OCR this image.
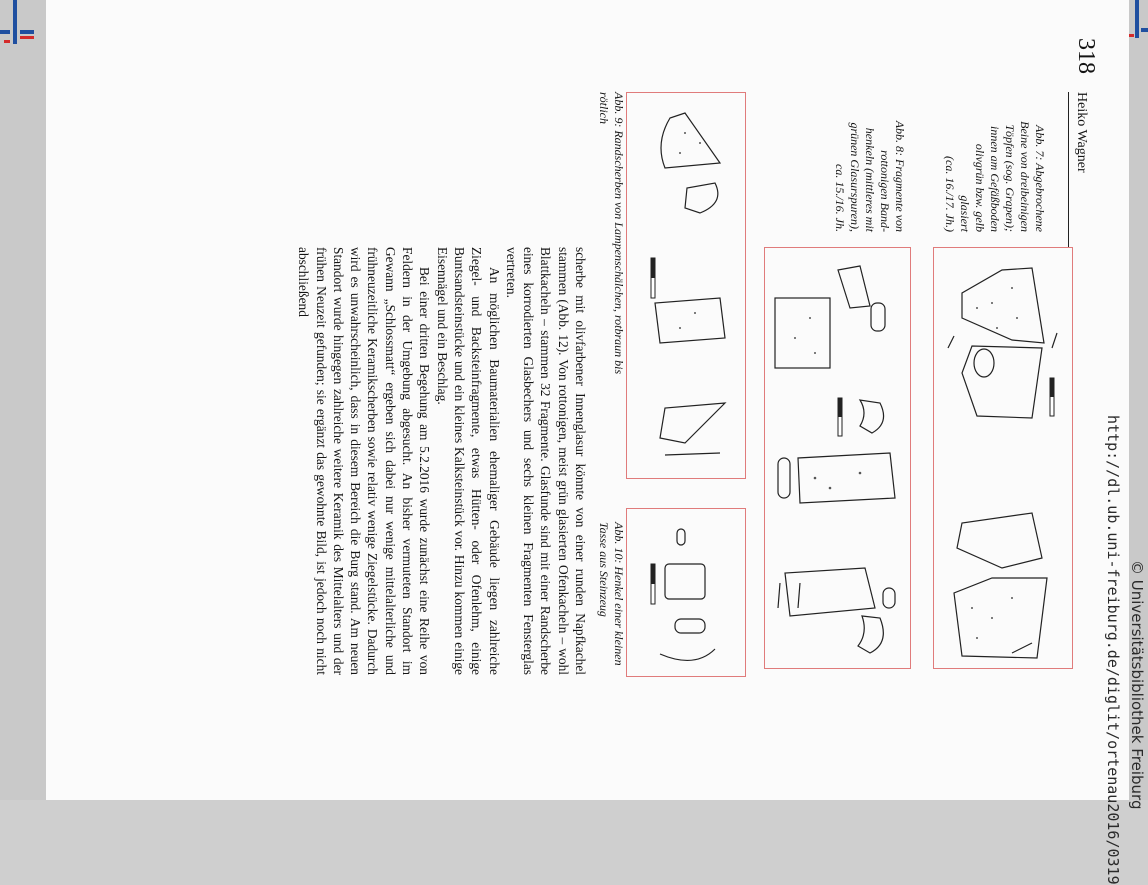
318
Heiko Wagner
Abb. 7: Abgebrochene
Beine von dreibeinigen
Töpfen (sog. Grapen);
innen am Gefäßboden
olivgrün bzw. gelb
glasiert
(ca. 16./17. Jh.)
Abb. 8: Fragmente von
rottonigen Band-
henkeln (mittleres mit
grünen Glasurspuren),
ca. 15./16. Jh.
Abb. 9: Randscherben von Lampenschälchen, rotbraun bis
rötlich
Abb. 10: Henkel einer kleinen
Tasse aus Steinzeug

scherbe mit olivfarbener Innenglasur könnte von einer runden Napfkachel stammen (Abb. 12). Von rottonigen, meist grün glasierten Ofenkacheln – wohl Blattkacheln – stammen 32 Fragmente. Glasfunde sind mit einer Randscherbe eines korrodierten Glasbechers und sechs kleinen Fragmenten Fensterglas vertreten.

An möglichen Baumaterialien ehemaliger Gebäude liegen zahlreiche Ziegel- und Backsteinfragmente, etwas Hütten- oder Ofenlehm, einige Buntsandsteinstücke und ein kleines Kalksteinstück vor. Hinzu kommen einige Eisennägel und ein Beschlag.

Bei einer dritten Begehung am 5.2.2016 wurde zunächst eine Reihe von Feldern in der Umgebung abgesucht. An bisher vermuteten Standort im Gewann „Schlossmatt“ ergeben sich dabei nur wenige mittelalterliche und frühneuzeitliche Keramikscherben sowie relativ wenige Ziegelstücke. Dadurch wird es unwahrscheinlich, dass in diesem Bereich die Burg stand. Am neuen Standort wurde hingegen zahlreiche weitere Keramik des Mittelalters und der frühen Neuzeit gefunden; sie ergänzt das gewohnte Bild, ist jedoch noch nicht abschließend

http://dl.ub.uni-freiburg.de/diglit/ortenau2016/0319 © Universitätsbibliothek Freiburg
